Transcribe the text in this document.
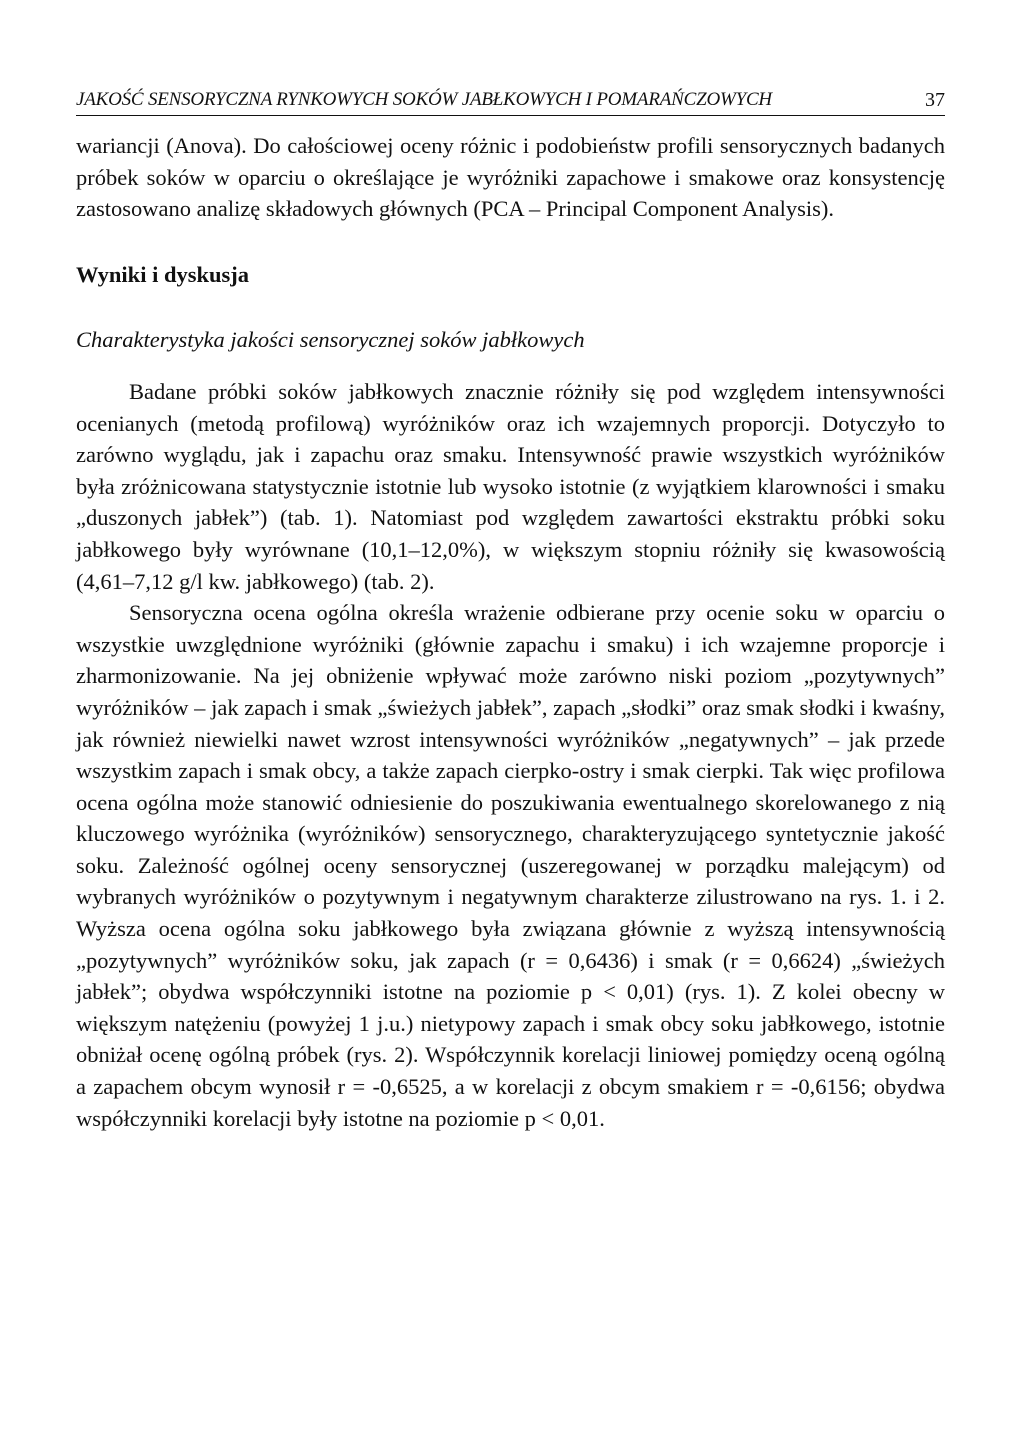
JAKOŚĆ SENSORYCZNA RYNKOWYCH SOKÓW JABŁKOWYCH I POMARAŃCZOWYCH	37

wariancji (Anova). Do całościowej oceny różnic i podobieństw profili sensorycznych badanych próbek soków w oparciu o określające je wyróżniki zapachowe i smakowe oraz konsystencję zastosowano analizę składowych głównych (PCA – Principal Component Analysis).

Wyniki i dyskusja
Charakterystyka jakości sensorycznej soków jabłkowych

Badane próbki soków jabłkowych znacznie różniły się pod względem intensywności ocenianych (metodą profilową) wyróżników oraz ich wzajemnych proporcji. Dotyczyło to zarówno wyglądu, jak i zapachu oraz smaku. Intensywność prawie wszystkich wyróżników była zróżnicowana statystycznie istotnie lub wysoko istotnie (z wyjątkiem klarowności i smaku „duszonych jabłek”) (tab. 1). Natomiast pod względem zawartości ekstraktu próbki soku jabłkowego były wyrównane (10,1–12,0%), w większym stopniu różniły się kwasowością (4,61–7,12 g/l kw. jabłkowego) (tab. 2).

Sensoryczna ocena ogólna określa wrażenie odbierane przy ocenie soku w oparciu o wszystkie uwzględnione wyróżniki (głównie zapachu i smaku) i ich wzajemne proporcje i zharmonizowanie. Na jej obniżenie wpływać może zarówno niski poziom „pozytywnych” wyróżników – jak zapach i smak „świeżych jabłek”, zapach „słodki” oraz smak słodki i kwaśny, jak również niewielki nawet wzrost intensywności wyróżników „negatywnych” – jak przede wszystkim zapach i smak obcy, a także zapach cierpko-ostry i smak cierpki. Tak więc profilowa ocena ogólna może stanowić odniesienie do poszukiwania ewentualnego skorelowanego z nią kluczowego wyróżnika (wyróżników) sensorycznego, charakteryzującego syntetycznie jakość soku. Zależność ogólnej oceny sensorycznej (uszeregowanej w porządku malejącym) od wybranych wyróżników o pozytywnym i negatywnym charakterze zilustrowano na rys. 1. i 2. Wyższa ocena ogólna soku jabłkowego była związana głównie z wyższą intensywnością „pozytywnych” wyróżników soku, jak zapach (r = 0,6436) i smak (r = 0,6624) „świeżych jabłek”; obydwa współczynniki istotne na poziomie p < 0,01) (rys. 1). Z kolei obecny w większym natężeniu (powyżej 1 j.u.) nietypowy zapach i smak obcy soku jabłkowego, istotnie obniżał ocenę ogólną próbek (rys. 2). Współczynnik korelacji liniowej pomiędzy oceną ogólną a zapachem obcym wynosił r = -0,6525, a w korelacji z obcym smakiem r = -0,6156; obydwa współczynniki korelacji były istotne na poziomie p < 0,01.
